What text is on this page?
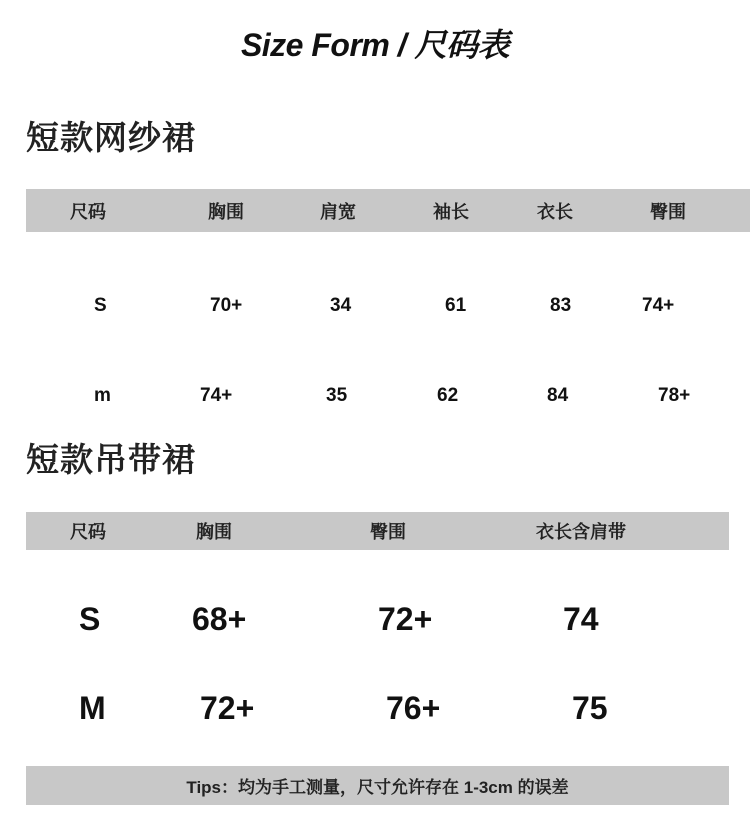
Size Form / 尺码表
短款网纱裙
尺码	胸围	肩宽	袖长	衣长	臀围
S	70+	34	61	83	74+
m	74+	35	62	84	78+
短款吊带裙
尺码	胸围	臀围	衣长含肩带
S	68+	72+	74
M	72+	76+	75
Tips：均为手工测量，尺寸允许存在 1-3cm 的误差
